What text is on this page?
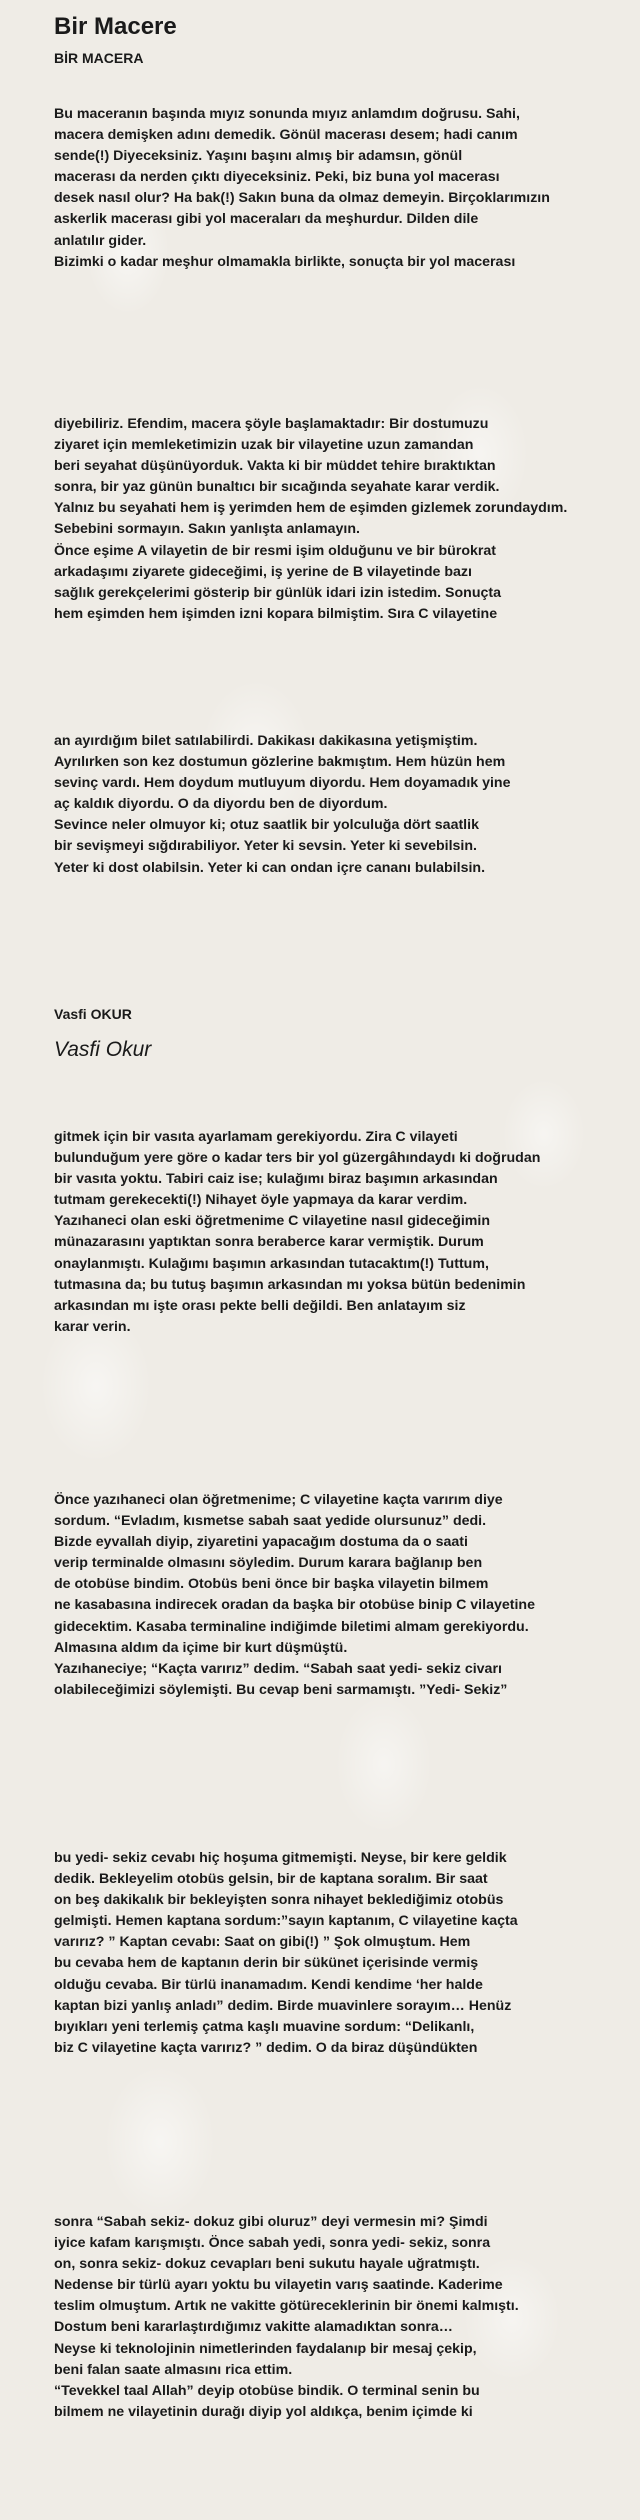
Bir Macere
BİR MACERA

Bu maceranın başında mıyız sonunda mıyız anlamdım doğrusu. Sahi,
macera demişken adını demedik. Gönül macerası desem; hadi canım
sende(!) Diyeceksiniz. Yaşını başını almış bir adamsın, gönül
macerası da nerden çıktı diyeceksiniz. Peki, biz buna yol macerası
desek nasıl olur? Ha bak(!) Sakın buna da olmaz demeyin. Birçoklarımızın
askerlik macerası gibi yol maceraları da meşhurdur. Dilden dile
anlatılır gider.
Bizimki o kadar meşhur olmamakla birlikte, sonuçta bir yol macerası

diyebiliriz. Efendim, macera şöyle başlamaktadır: Bir dostumuzu
ziyaret için memleketimizin uzak bir vilayetine uzun zamandan
beri seyahat düşünüyorduk. Vakta ki bir müddet tehire bıraktıktan
sonra, bir yaz günün bunaltıcı bir sıcağında seyahate karar verdik.
Yalnız bu seyahati hem iş yerimden hem de eşimden gizlemek zorundaydım.
Sebebini sormayın. Sakın yanlışta anlamayın.
Önce eşime A vilayetin de bir resmi işim olduğunu ve bir bürokrat
arkadaşımı ziyarete gideceğimi, iş yerine de B vilayetinde bazı
sağlık gerekçelerimi gösterip bir günlük idari izin istedim. Sonuçta
hem eşimden hem işimden izni kopara bilmiştim. Sıra C vilayetine

an ayırdığım bilet satılabilirdi. Dakikası dakikasına yetişmiştim.
Ayrılırken son kez dostumun gözlerine bakmıştım. Hem hüzün hem
sevinç vardı. Hem doydum mutluyum diyordu. Hem doyamadık yine
aç kaldık diyordu. O da diyordu ben de diyordum.
Sevince neler olmuyor ki; otuz saatlik bir yolculuğa dört saatlik
bir sevişmeyi sığdırabiliyor. Yeter ki sevsin. Yeter ki sevebilsin.
Yeter ki dost olabilsin. Yeter ki can ondan içre cananı bulabilsin.

Vasfi OKUR

Vasfi Okur

gitmek için bir vasıta ayarlamam gerekiyordu. Zira C vilayeti
bulunduğum yere göre o kadar ters bir yol güzergâhındaydı ki doğrudan
bir vasıta yoktu. Tabiri caiz ise; kulağımı biraz başımın arkasından
tutmam gerekecekti(!) Nihayet öyle yapmaya da karar verdim.
Yazıhaneci olan eski öğretmenime C vilayetine nasıl gideceğimin
münazarasını yaptıktan sonra beraberce karar vermiştik. Durum
onaylanmıştı. Kulağımı başımın arkasından tutacaktım(!) Tuttum,
tutmasına da; bu tutuş başımın arkasından mı yoksa bütün bedenimin
arkasından mı işte orası pekte belli değildi. Ben anlatayım siz
karar verin.

Önce yazıhaneci olan öğretmenime; C vilayetine kaçta varırım diye
sordum. “Evladım, kısmetse sabah saat yedide olursunuz” dedi.
Bizde eyvallah diyip, ziyaretini yapacağım dostuma da o saati
verip terminalde olmasını söyledim. Durum karara bağlanıp ben
de otobüse bindim. Otobüs beni önce bir başka vilayetin bilmem
ne kasabasına indirecek oradan da başka bir otobüse binip C vilayetine
gidecektim. Kasaba terminaline indiğimde biletimi almam gerekiyordu.
Almasına aldım da içime bir kurt düşmüştü.
Yazıhaneciye; “Kaçta varırız” dedim. “Sabah saat yedi- sekiz civarı
olabileceğimizi söylemişti. Bu cevap beni sarmamıştı. ”Yedi- Sekiz”

bu yedi- sekiz cevabı hiç hoşuma gitmemişti. Neyse, bir kere geldik
dedik. Bekleyelim otobüs gelsin, bir de kaptana soralım. Bir saat
on beş dakikalık bir bekleyişten sonra nihayet beklediğimiz otobüs
gelmişti. Hemen kaptana sordum:”sayın kaptanım, C vilayetine kaçta
varırız? ” Kaptan cevabı: Saat on gibi(!) ” Şok olmuştum. Hem
bu cevaba hem de kaptanın derin bir sükünet içerisinde vermiş
olduğu cevaba. Bir türlü inanamadım. Kendi kendime ‘her halde
kaptan bizi yanlış anladı” dedim. Birde muavinlere sorayım… Henüz
bıyıkları yeni terlemiş çatma kaşlı muavine sordum: “Delikanlı,
biz C vilayetine kaçta varırız? ” dedim. O da biraz düşündükten

sonra “Sabah sekiz- dokuz gibi oluruz” deyi vermesin mi? Şimdi
iyice kafam karışmıştı. Önce sabah yedi, sonra yedi- sekiz, sonra
on, sonra sekiz- dokuz cevapları beni sukutu hayale uğratmıştı.
Nedense bir türlü ayarı yoktu bu vilayetin varış saatinde. Kaderime
teslim olmuştum. Artık ne vakitte götüreceklerinin bir önemi kalmıştı.
Dostum beni kararlaştırdığımız vakitte alamadıktan sonra…
Neyse ki teknolojinin nimetlerinden faydalanıp bir mesaj çekip,
beni falan saate almasını rica ettim.
“Tevekkel taal Allah” deyip otobüse bindik. O terminal senin bu
bilmem ne vilayetinin durağı diyip yol aldıkça, benim içimde ki
